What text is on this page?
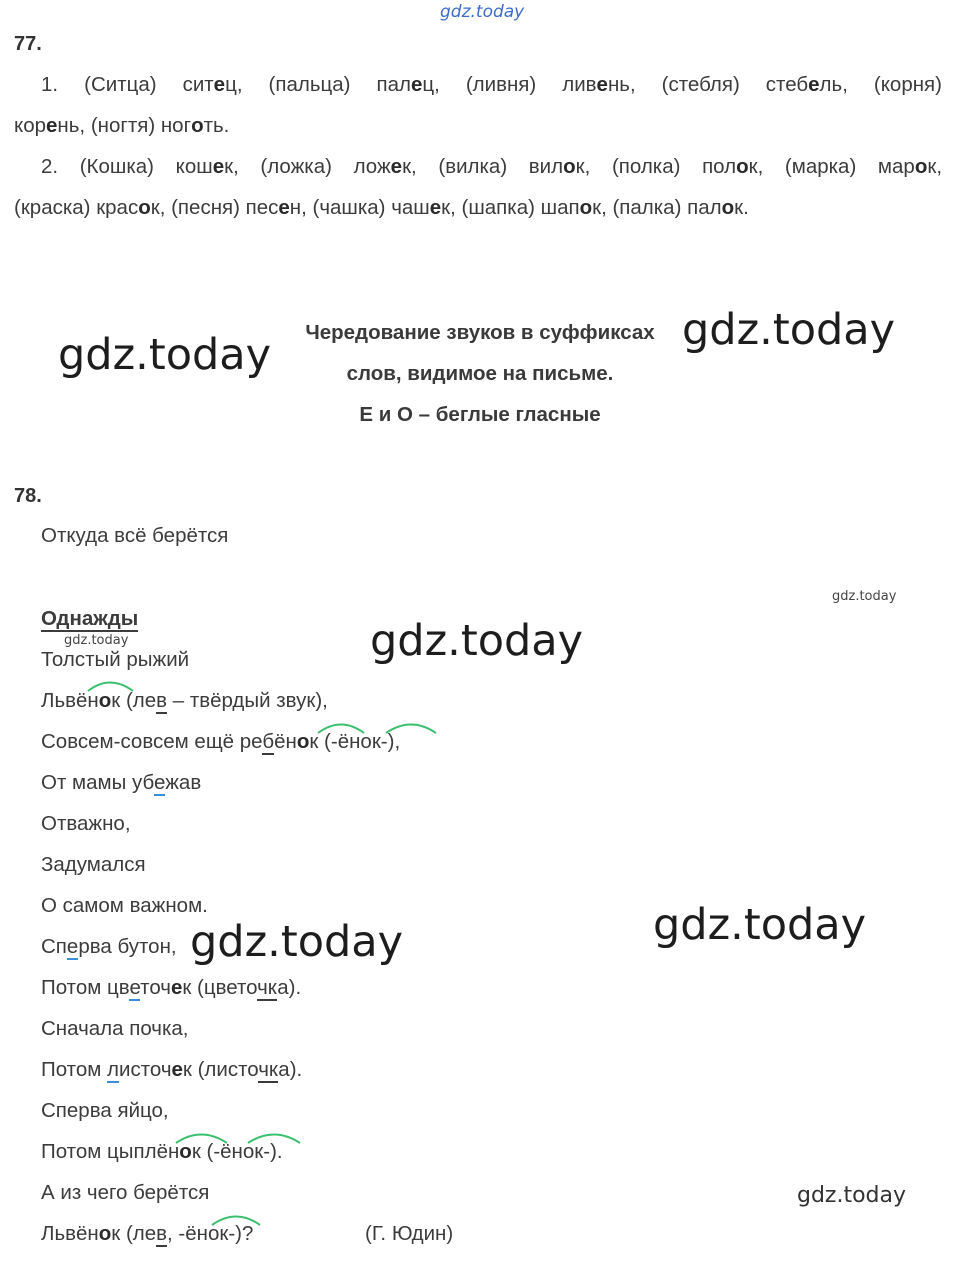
gdz.today
77.
1. (Ситца) ситец, (пальца) палец, (ливня) ливень, (стебля) стебель, (корня)
корень, (ногтя) ноготь.
2. (Кошка) кошек, (ложка) ложек, (вилка) вилок, (полка) полок, (марка) марок,
(краска) красок, (песня) песен, (чашка) чашек, (шапка) шапок, (палка) палок.
Чередование звуков в суффиксах
слов, видимое на письме.
Е и О – беглые гласные
78.
Откуда всё берётся
Однажды
Толстый рыжий
Львёнок (лев – твёрдый звук),
Совсем-совсем ещё ребёнок (-ёнок-),
От мамы убежав
Отважно,
Задумался
О самом важном.
Сперва бутон,
Потом цветочек (цветочка).
Сначала почка,
Потом листочек (листочка).
Сперва яйцо,
Потом цыплёнок (-ёнок-).
А из чего берётся
Львёнок (лев, -ёнок-)?	(Г. Юдин)
gdz.today	gdz.today
gdz.today
gdz.today	gdz.today
gdz.today
gdz.today
gdz.today
